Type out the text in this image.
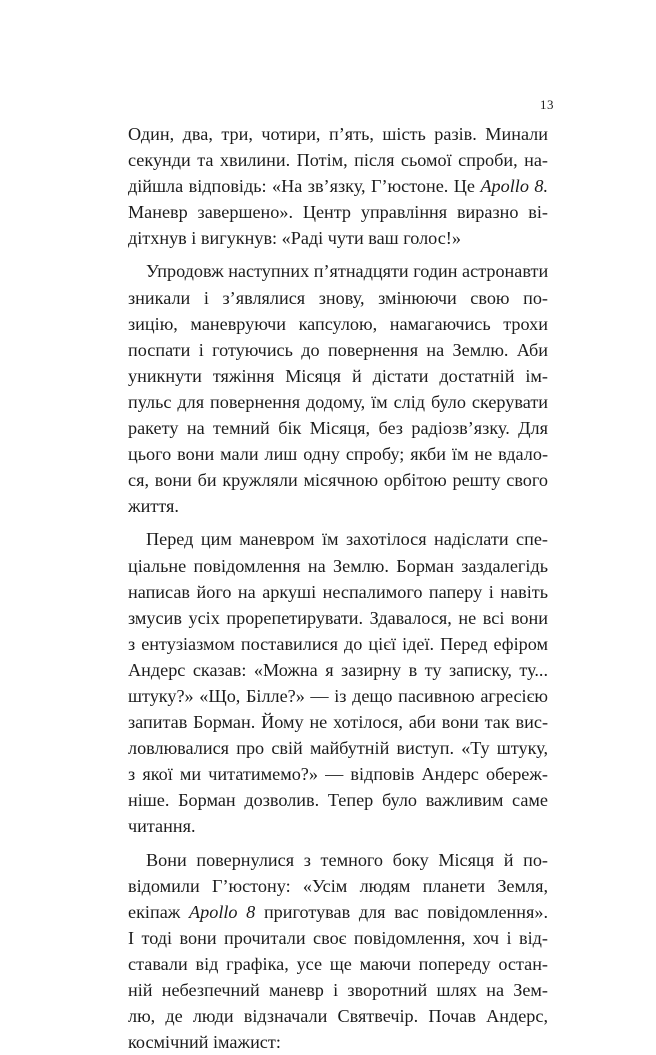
13
Один, два, три, чотири, п’ять, шість разів. Минали
секунди та хвилини. Потім, після сьомої спроби, на-
дійшла відповідь: «На зв’язку, Г’юстоне. Це Apollo 8.
Маневр завершено». Центр управління виразно ві-
дітхнув і вигукнув: «Раді чути ваш голос!»
Упродовж наступних п’ятнадцяти годин астронавти
зникали і з’являлися знову, змінюючи свою по-
зицію, маневруючи капсулою, намагаючись трохи
поспати і готуючись до повернення на Землю. Аби
уникнути тяжіння Місяця й дістати достатній ім-
пульс для повернення додому, їм слід було скерувати
ракету на темний бік Місяця, без радіозв’язку. Для
цього вони мали лиш одну спробу; якби їм не вдало-
ся, вони би кружляли місячною орбітою решту свого
життя.
Перед цим маневром їм захотілося надіслати спе-
ціальне повідомлення на Землю. Борман заздалегідь
написав його на аркуші неспалимого паперу і навіть
змусив усіх прорепетирувати. Здавалося, не всі вони
з ентузіазмом поставилися до цієї ідеї. Перед ефіром
Андерс сказав: «Можна я зазирну в ту записку, ту...
штуку?» «Що, Білле?» — із дещо пасивною агресією
запитав Борман. Йому не хотілося, аби вони так вис-
ловлювалися про свій майбутній виступ. «Ту штуку,
з якої ми читатимемо?» — відповів Андерс обереж-
ніше. Борман дозволив. Тепер було важливим саме
читання.
Вони повернулися з темного боку Місяця й по-
відомили Г’юстону: «Усім людям планети Земля,
екіпаж Apollo 8 приготував для вас повідомлення».
І тоді вони прочитали своє повідомлення, хоч і від-
ставали від графіка, усе ще маючи попереду остан-
ній небезпечний маневр і зворотний шлях на Зем-
лю, де люди відзначали Святвечір. Почав Андерс,
космічний імажист:
